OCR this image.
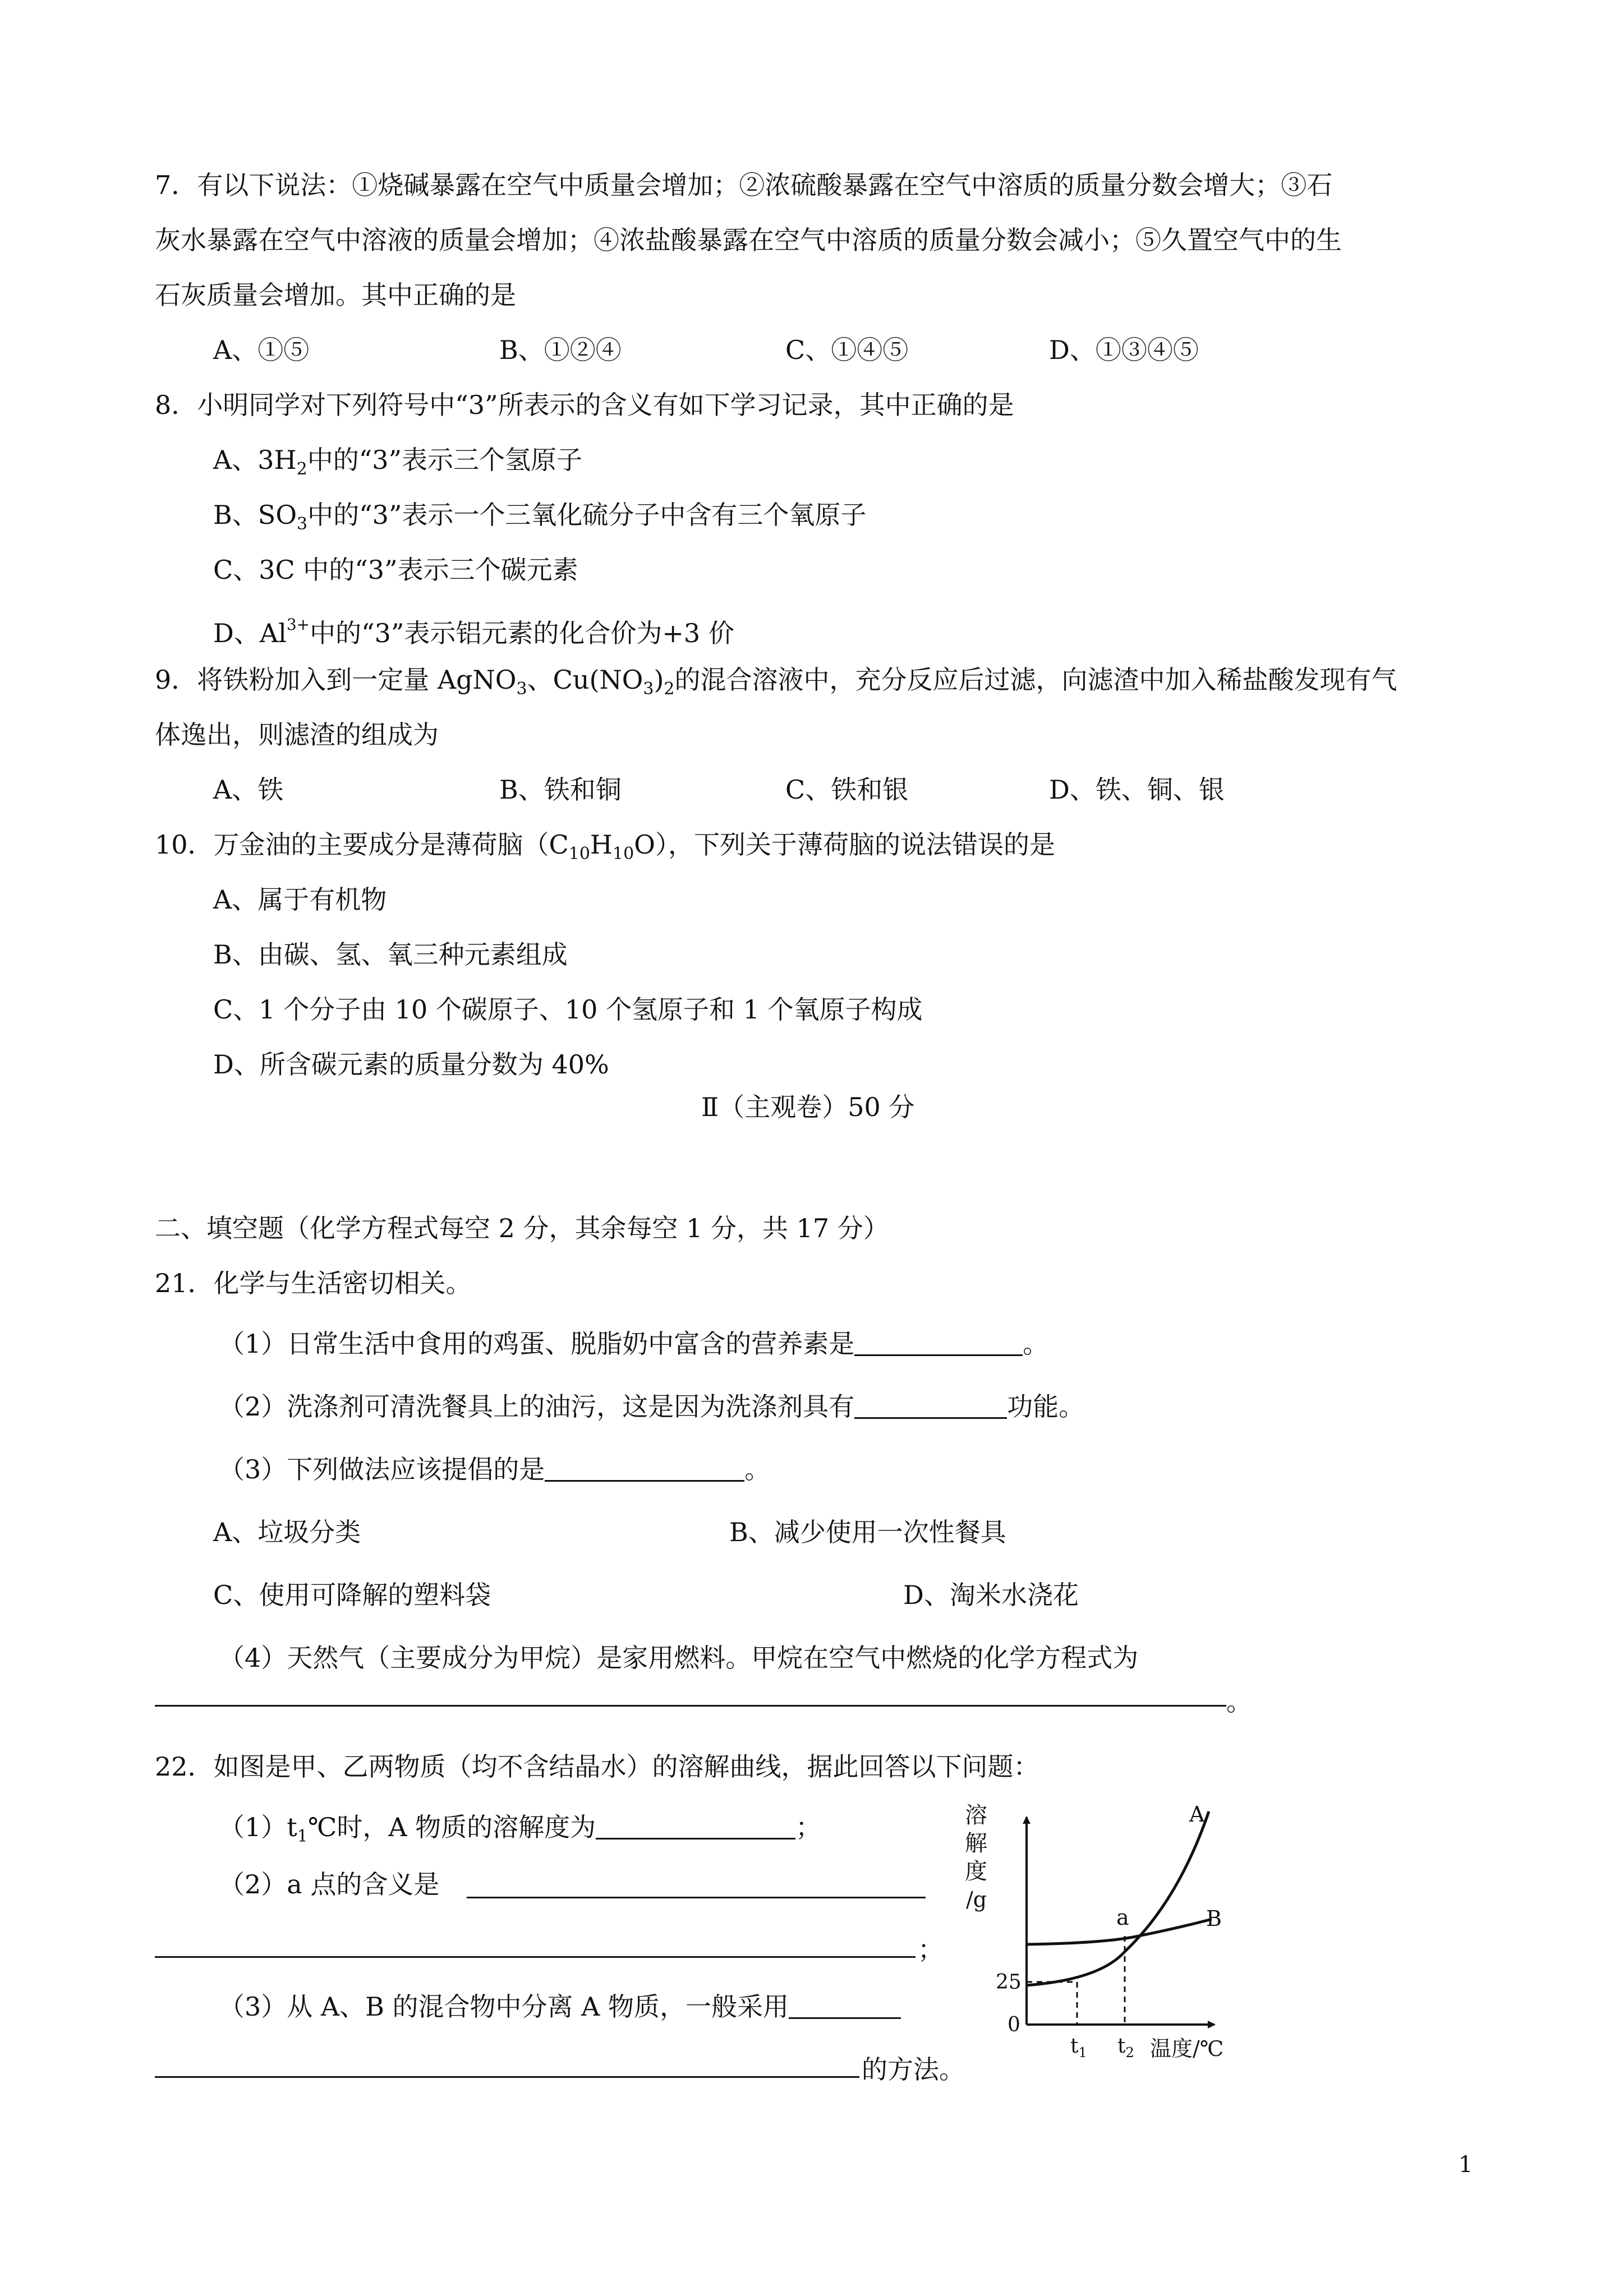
7．有以下说法：①烧碱暴露在空气中质量会增加；②浓硫酸暴露在空气中溶质的质量分数会增大；③石
灰水暴露在空气中溶液的质量会增加；④浓盐酸暴露在空气中溶质的质量分数会减小；⑤久置空气中的生
石灰质量会增加。其中正确的是
A、①⑤	B、①②④	C、①④⑤	D、①③④⑤
8．小明同学对下列符号中“3”所表示的含义有如下学习记录，其中正确的是
A、$3H_2$中的“3”表示三个氢原子
B、$SO_3$中的“3”表示一个三氧化硫分子中含有三个氧原子
C、3C 中的“3”表示三个碳元素
D、$Al^{3+}$中的“3”表示铝元素的化合价为+3 价
9．将铁粉加入到一定量 AgNO$_3$、$Cu(NO_3)_2$的混合溶液中，充分反应后过滤，向滤渣中加入稀盐酸发现有气
体逸出，则滤渣的组成为
A、铁	B、铁和铜	C、铁和银	D、铁、铜、银
10．万金油的主要成分是薄荷脑$(C_{10}H_{10}O)$，下列关于薄荷脑的说法错误的是
A、属于有机物
B、由碳、氢、氧三种元素组成
C、1 个分子由 10 个碳原子、10 个氢原子和 1 个氧原子构成
D、所含碳元素的质量分数为 40%
Ⅱ（主观卷）50 分
二、填空题（化学方程式每空 2 分，其余每空 1 分，共 17 分）
21．化学与生活密切相关。
（1）日常生活中食用的鸡蛋、脱脂奶中富含的营养素是	。
（2）洗涤剂可清洗餐具上的油污，这是因为洗涤剂具有	功能。
（3）下列做法应该提倡的是	。
A、垃圾分类	B、减少使用一次性餐具
C、使用可降解的塑料袋	D、淘米水浇花
（4）天然气（主要成分为甲烷）是家用燃料。甲烷在空气中燃烧的化学方程式为
。
22．如图是甲、乙两物质（均不含结晶水）的溶解曲线，据此回答以下问题：
$(1)t_1℃$时，A 物质的溶解度为	；
（2）a 点的含义是
；
（3）从 A、B 的混合物中分离 A 物质，一般采用
的方法。
溶
解
度
/g
A
B
a
25
0
$t_1$ $t_2$ 温度/℃
1
